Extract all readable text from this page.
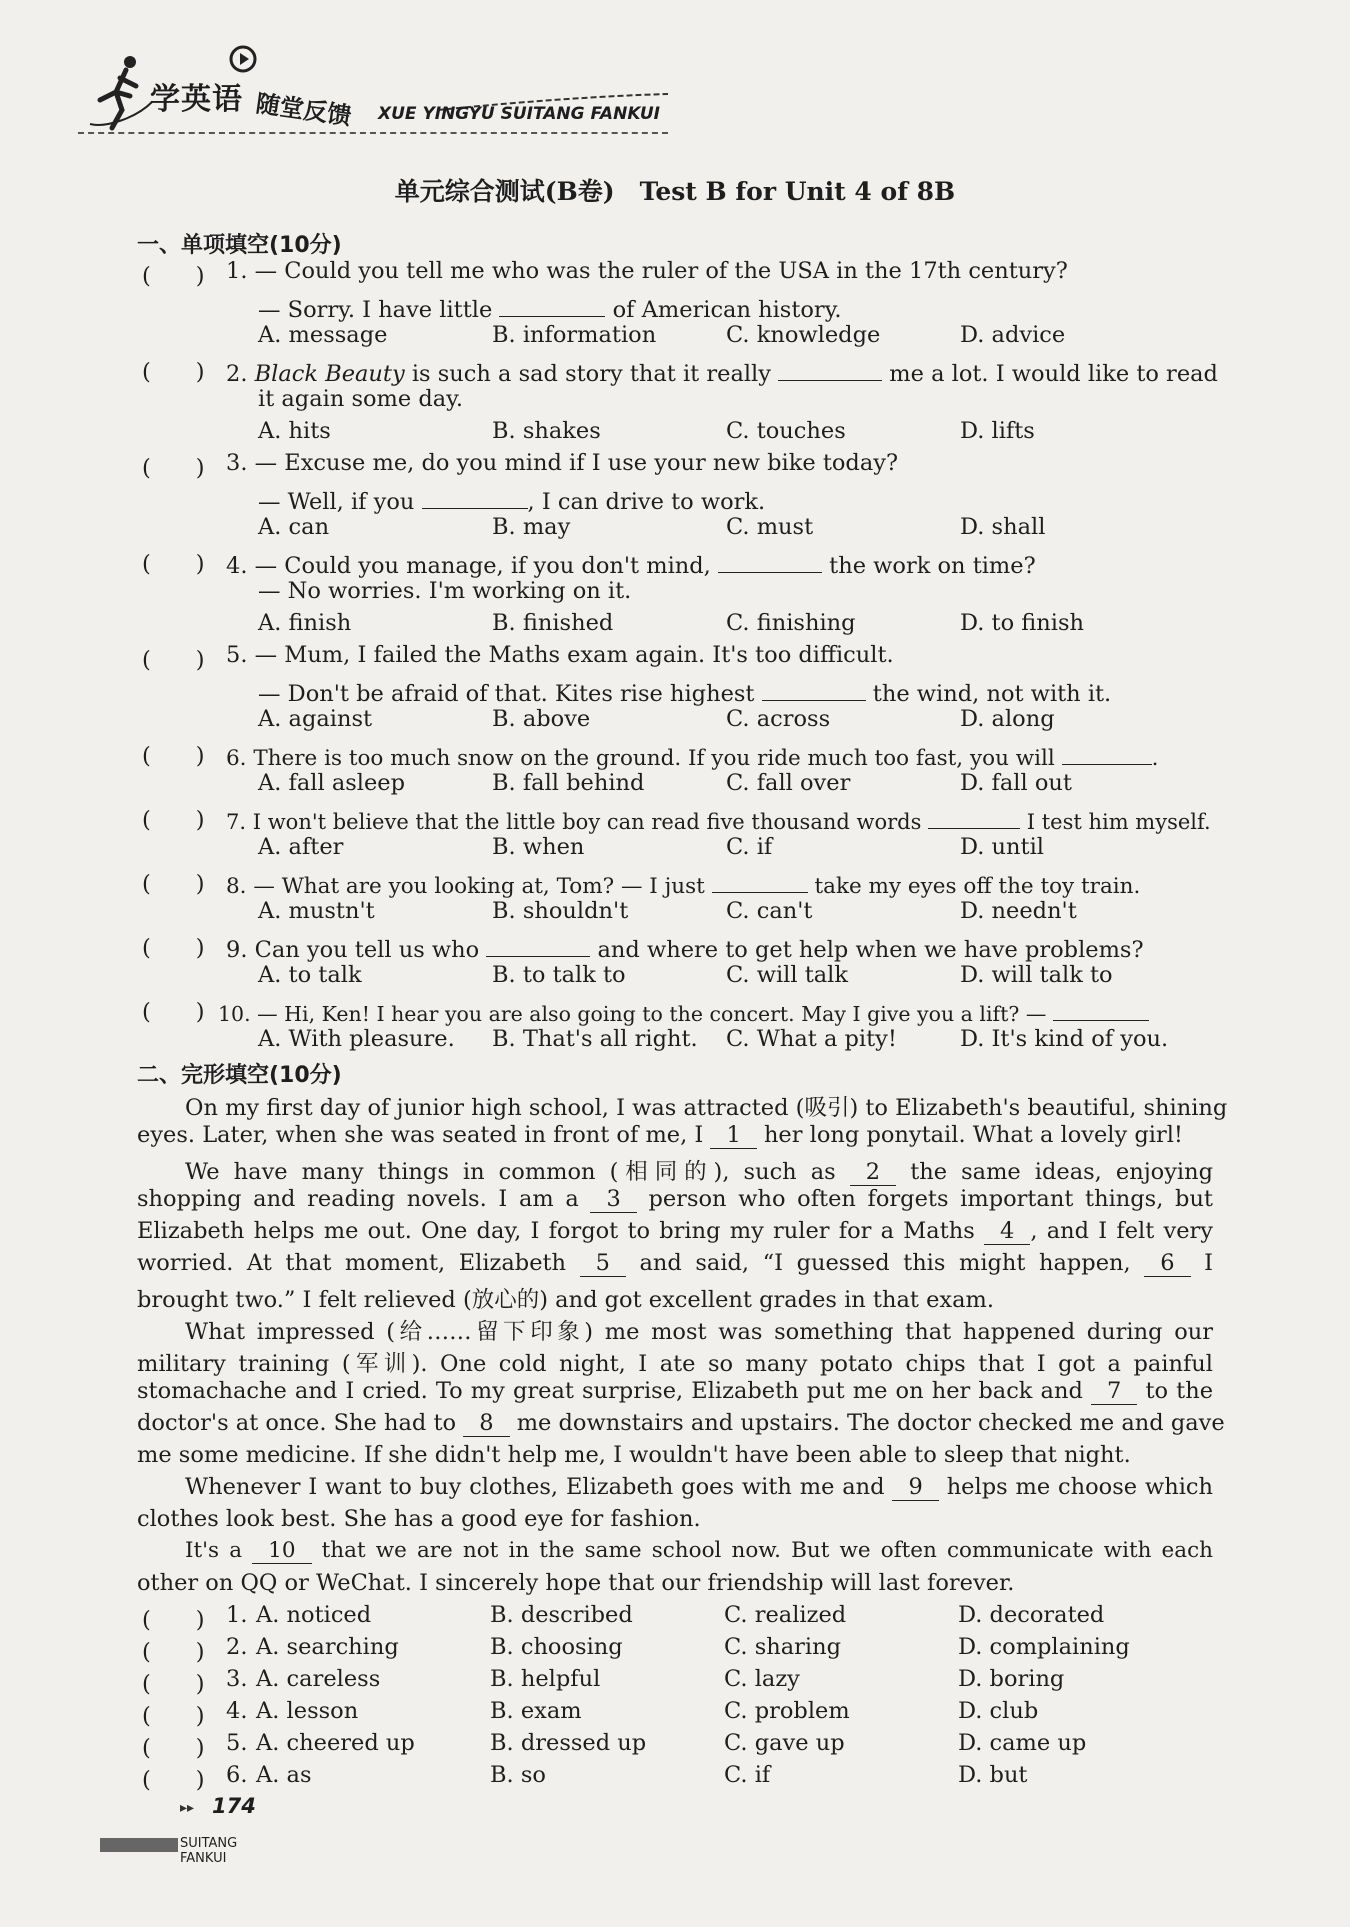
学英语 随堂反馈 XUE YINGYU SUITANG FANKUI
单元综合测试(B卷)　Test B for Unit 4 of 8B
一、单项填空(10分)
(　　) 1. — Could you tell me who was the ruler of the USA in the 17th century?
— Sorry. I have little	of American history.
A. message	B. information	C. knowledge	D. advice
(　　) 2. Black Beauty is such a sad story that it really	me a lot. I would like to read
it again some day.
A. hits	B. shakes	C. touches	D. lifts
(　　) 3. — Excuse me, do you mind if I use your new bike today?
— Well, if you	, I can drive to work.
A. can	B. may	C. must	D. shall
(　　) 4. — Could you manage, if you don't mind,	the work on time?
— No worries. I'm working on it.
A. finish	B. finished	C. finishing	D. to finish
(　　) 5. — Mum, I failed the Maths exam again. It's too difficult.
— Don't be afraid of that. Kites rise highest	the wind, not with it.
A. against	B. above	C. across	D. along
(　　) 6. There is too much snow on the ground. If you ride much too fast, you will	.
A. fall asleep	B. fall behind	C. fall over	D. fall out
(　　) 7. I won't believe that the little boy can read five thousand words	I test him myself.
A. after	B. when	C. if	D. until
(　　) 8. — What are you looking at, Tom? — I just	take my eyes off the toy train.
A. mustn't	B. shouldn't	C. can't	D. needn't
(　　) 9. Can you tell us who	and where to get help when we have problems?
A. to talk	B. to talk to	C. will talk	D. will talk to
(　　) 10. — Hi, Ken! I hear you are also going to the concert. May I give you a lift? —
A. With pleasure. B. That's all right. C. What a pity!	D. It's kind of you.
二、完形填空(10分)
On my first day of junior high school, I was attracted (吸引) to Elizabeth's beautiful, shining
eyes. Later, when she was seated in front of me, I 1 her long ponytail. What a lovely girl!
We have many things in common (相同的), such as 2 the same ideas, enjoying
shopping and reading novels. I am a 3 person who often forgets important things, but
Elizabeth helps me out. One day, I forgot to bring my ruler for a Maths 4 , and I felt very
worried. At that moment, Elizabeth 5 and said, “I guessed this might happen, 6 I
brought two.” I felt relieved (放心的) and got excellent grades in that exam.
What impressed (给……留下印象) me most was something that happened during our
military training (军训). One cold night, I ate so many potato chips that I got a painful
stomachache and I cried. To my great surprise, Elizabeth put me on her back and 7 to the
doctor's at once. She had to 8 me downstairs and upstairs. The doctor checked me and gave
me some medicine. If she didn't help me, I wouldn't have been able to sleep that night.
Whenever I want to buy clothes, Elizabeth goes with me and 9 helps me choose which
clothes look best. She has a good eye for fashion.
It's a 10 that we are not in the same school now. But we often communicate with each
other on QQ or WeChat. I sincerely hope that our friendship will last forever.
(　　) 1. A. noticed	B. described	C. realized	D. decorated
(　　) 2. A. searching	B. choosing	C. sharing	D. complaining
(　　) 3. A. careless	B. helpful	C. lazy	D. boring
(　　) 4. A. lesson	B. exam	C. problem	D. club
(　　) 5. A. cheered up	B. dressed up	C. gave up	D. came up
(　　) 6. A. as	B. so	C. if	D. but
▸▸ 174
SUITANG FANKUI
